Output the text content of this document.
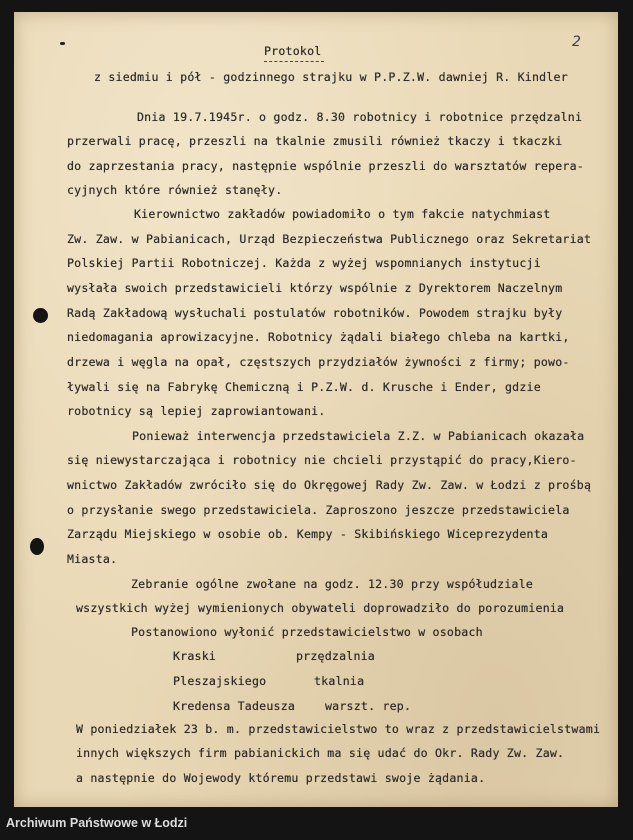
2
Protokol
z siedmiu i pół - godzinnego strajku w P.P.Z.W. dawniej R. Kindler
Dnia 19.7.1945r. o godz. 8.30 robotnicy i robotnice przędzalni
przerwali pracę, przeszli na tkalnie zmusili również tkaczy i tkaczki
do zaprzestania pracy, następnie wspólnie przeszli do warsztatów repera-
cyjnych które również stanęły.
Kierownictwo zakładów powiadomiło o tym fakcie natychmiast
Zw. Zaw. w Pabianicach, Urząd Bezpieczeństwa Publicznego oraz Sekretariat
Polskiej Partii Robotniczej. Każda z wyżej wspomnianych instytucji
wysłała swoich przedstawicieli którzy wspólnie z Dyrektorem Naczelnym
Radą Zakładową wysłuchali postulatów robotników. Powodem strajku były
niedomagania aprowizacyjne. Robotnicy żądali białego chleba na kartki,
drzewa i węgla na opał, częstszych przydziałów żywności z firmy; powo-
ływali się na Fabrykę Chemiczną i P.Z.W. d. Krusche i Ender, gdzie
robotnicy są lepiej zaprowiantowani.
Ponieważ interwencja przedstawiciela Z.Z. w Pabianicach okazała
się niewystarczająca i robotnicy nie chcieli przystąpić do pracy,Kiero-
wnictwo Zakładów zwróciło się do Okręgowej Rady Zw. Zaw. w Łodzi z prośbą
o przysłanie swego przedstawiciela. Zaproszono jeszcze przedstawiciela
Zarządu Miejskiego w osobie ob. Kempy - Skibińskiego Wiceprezydenta
Miasta.
Zebranie ogólne zwołane na godz. 12.30 przy współudziale
wszystkich wyżej wymienionych obywateli doprowadziło do porozumienia
Postanowiono wyłonić przedstawicielstwo w osobach
Kraski	przędzalnia
Pleszajskiego	tkalnia
Kredensa Tadeusza	warszt. rep.
W poniedziałek 23 b. m. przedstawicielstwo to wraz z przedstawicielstwami
innych większych firm pabianickich ma się udać do Okr. Rady Zw. Zaw.
a następnie do Wojewody któremu przedstawi swoje żądania.
Archiwum Państwowe w Łodzi
